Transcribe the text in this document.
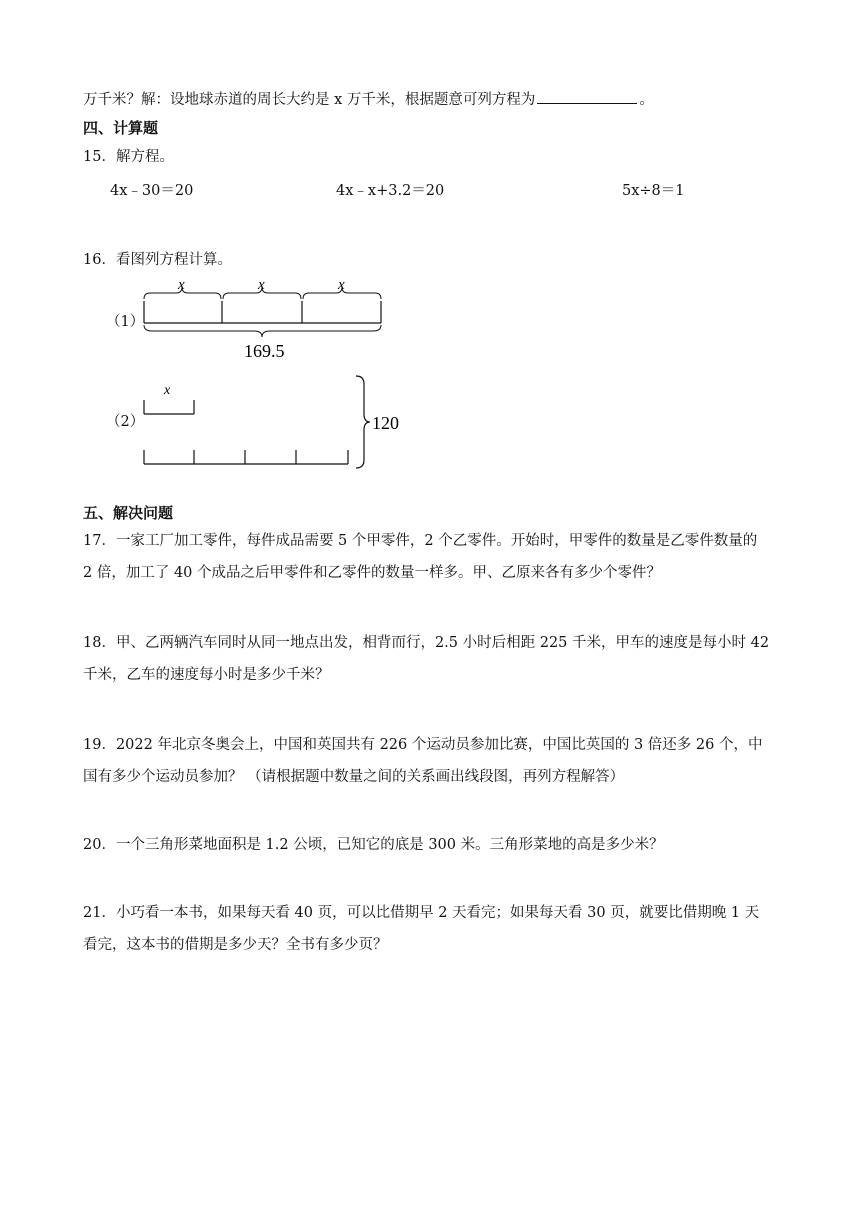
万千米？解：设地球赤道的周长大约是 x 万千米，根据题意可列方程为	。
四、计算题
15．解方程。
4x﹣30＝20	4x﹣x+3.2＝20	5x÷8＝1
16．看图列方程计算。
（1）
x	x	x
169.5
（2）
x
120
五、解决问题
17．一家工厂加工零件，每件成品需要 5 个甲零件，2 个乙零件。开始时，甲零件的数量是乙零件数量的
2 倍，加工了 40 个成品之后甲零件和乙零件的数量一样多。甲、乙原来各有多少个零件？
18．甲、乙两辆汽车同时从同一地点出发，相背而行，2.5 小时后相距 225 千米，甲车的速度是每小时 42
千米，乙车的速度每小时是多少千米？
19．2022 年北京冬奥会上，中国和英国共有 226 个运动员参加比赛，中国比英国的 3 倍还多 26 个，中
国有多少个运动员参加？ （请根据题中数量之间的关系画出线段图，再列方程解答）
20．一个三角形菜地面积是 1.2 公顷，已知它的底是 300 米。三角形菜地的高是多少米？
21．小巧看一本书，如果每天看 40 页，可以比借期早 2 天看完；如果每天看 30 页，就要比借期晚 1 天
看完，这本书的借期是多少天？全书有多少页？
